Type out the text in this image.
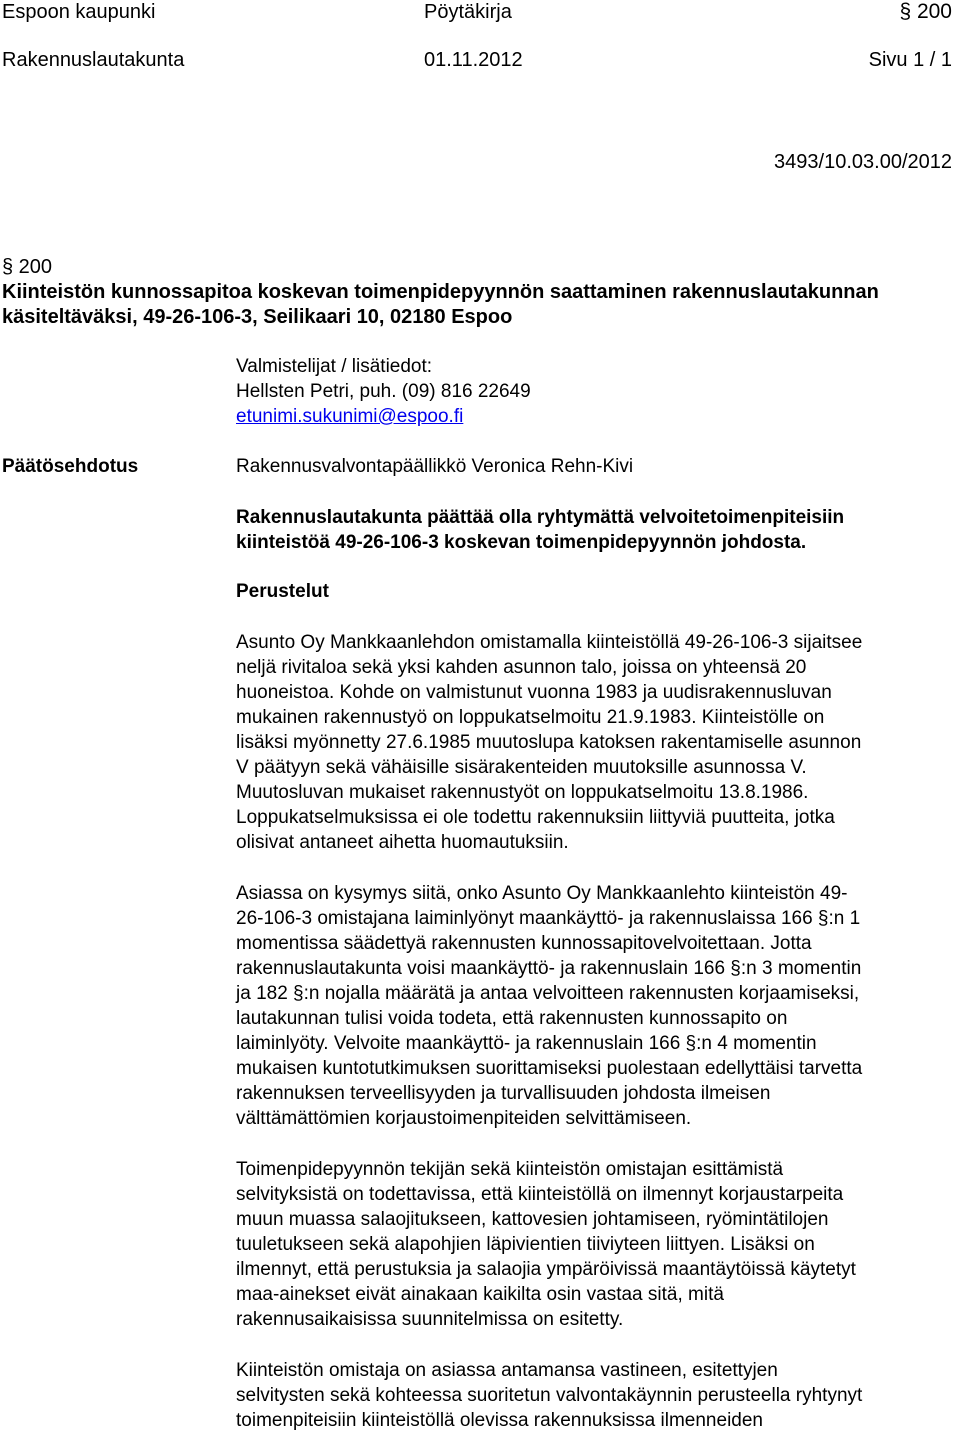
Espoon kaupunki	Pöytäkirja	§ 200
Rakennuslautakunta	01.11.2012	Sivu 1 / 1
3493/10.03.00/2012
§ 200
Kiinteistön kunnossapitoa koskevan toimenpidepyynnön saattaminen rakennuslautakunnan
käsiteltäväksi, 49-26-106-3, Seilikaari 10, 02180 Espoo
Valmistelijat / lisätiedot:
Hellsten Petri, puh. (09) 816 22649
etunimi.sukunimi@espoo.fi
Päätösehdotus	Rakennusvalvontapäällikkö Veronica Rehn-Kivi

Rakennuslautakunta päättää olla ryhtymättä velvoitetoimenpiteisiin

kiinteistöä 49-26-106-3 koskevan toimenpidepyynnön johdosta.

Perustelut

Asunto Oy Mankkaanlehdon omistamalla kiinteistöllä 49-26-106-3 sijaitsee

neljä rivitaloa sekä yksi kahden asunnon talo, joissa on yhteensä 20

huoneistoa. Kohde on valmistunut vuonna 1983 ja uudisrakennusluvan

mukainen rakennustyö on loppukatselmoitu 21.9.1983. Kiinteistölle on

lisäksi myönnetty 27.6.1985 muutoslupa katoksen rakentamiselle asunnon

V päätyyn sekä vähäisille sisärakenteiden muutoksille asunnossa V.

Muutosluvan mukaiset rakennustyöt on loppukatselmoitu 13.8.1986.

Loppukatselmuksissa ei ole todettu rakennuksiin liittyviä puutteita, jotka

olisivat antaneet aihetta huomautuksiin.

Asiassa on kysymys siitä, onko Asunto Oy Mankkaanlehto kiinteistön 49-

26-106-3 omistajana laiminlyönyt maankäyttö- ja rakennuslaissa 166 §:n 1

momentissa säädettyä rakennusten kunnossapitovelvoitettaan. Jotta

rakennuslautakunta voisi maankäyttö- ja rakennuslain 166 §:n 3 momentin

ja 182 §:n nojalla määrätä ja antaa velvoitteen rakennusten korjaamiseksi,

lautakunnan tulisi voida todeta, että rakennusten kunnossapito on

laiminlyöty. Velvoite maankäyttö- ja rakennuslain 166 §:n 4 momentin

mukaisen kuntotutkimuksen suorittamiseksi puolestaan edellyttäisi tarvetta

rakennuksen terveellisyyden ja turvallisuuden johdosta ilmeisen

välttämättömien korjaustoimenpiteiden selvittämiseen.

Toimenpidepyynnön tekijän sekä kiinteistön omistajan esittämistä

selvityksistä on todettavissa, että kiinteistöllä on ilmennyt korjaustarpeita

muun muassa salaojitukseen, kattovesien johtamiseen, ryömintätilojen

tuuletukseen sekä alapohjien läpivientien tiiviyteen liittyen. Lisäksi on

ilmennyt, että perustuksia ja salaojia ympäröivissä maantäytöissä käytetyt

maa-ainekset eivät ainakaan kaikilta osin vastaa sitä, mitä

rakennusaikaisissa suunnitelmissa on esitetty.

Kiinteistön omistaja on asiassa antamansa vastineen, esitettyjen

selvitysten sekä kohteessa suoritetun valvontakäynnin perusteella ryhtynyt

toimenpiteisiin kiinteistöllä olevissa rakennuksissa ilmenneiden
